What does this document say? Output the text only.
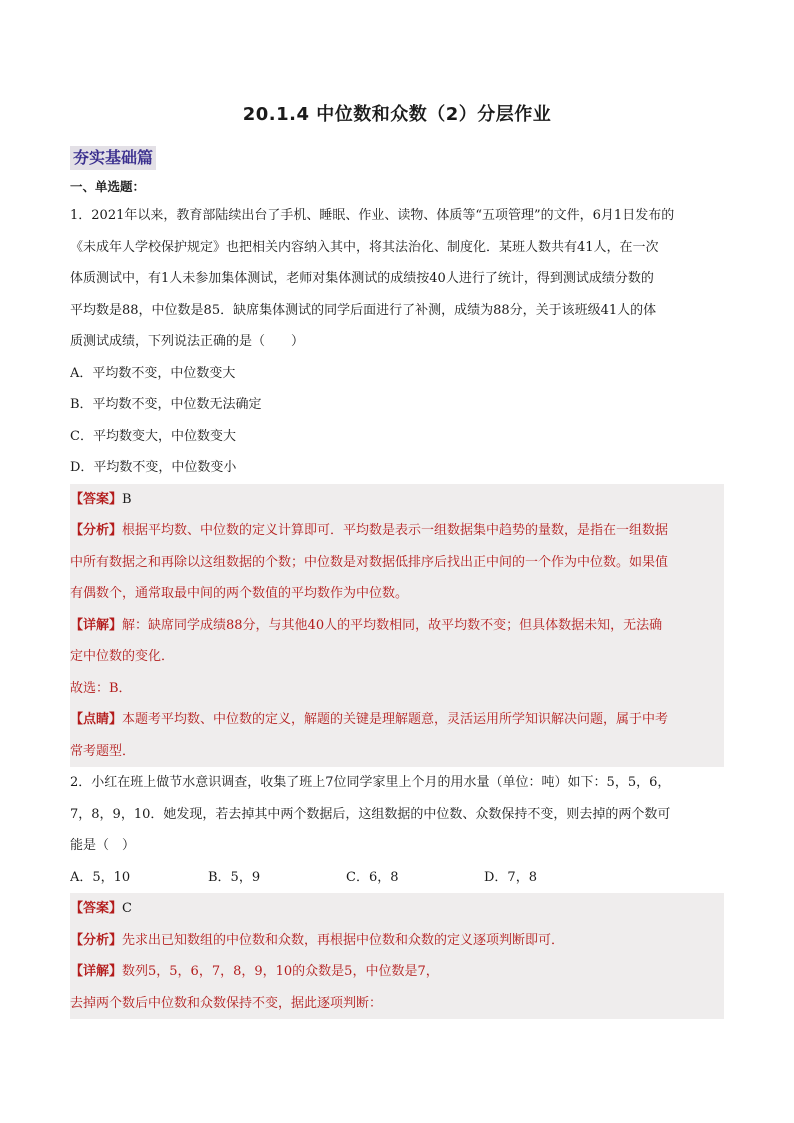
20.1.4 中位数和众数（2）分层作业
夯实基础篇
一、单选题：
1．2021年以来，教育部陆续出台了手机、睡眠、作业、读物、体质等“五项管理”的文件，6月1日发布的
《未成年人学校保护规定》也把相关内容纳入其中，将其法治化、制度化．某班人数共有41人，在一次
体质测试中，有1人未参加集体测试，老师对集体测试的成绩按40人进行了统计，得到测试成绩分数的
平均数是88，中位数是85．缺席集体测试的同学后面进行了补测，成绩为88分，关于该班级41人的体
质测试成绩，下列说法正确的是（　　）
A．平均数不变，中位数变大
B．平均数不变，中位数无法确定
C．平均数变大，中位数变大
D．平均数不变，中位数变小
【答案】B
【分析】根据平均数、中位数的定义计算即可．平均数是表示一组数据集中趋势的量数，是指在一组数据
中所有数据之和再除以这组数据的个数；中位数是对数据低排序后找出正中间的一个作为中位数。如果值
有偶数个，通常取最中间的两个数值的平均数作为中位数。
【详解】解：缺席同学成绩88分，与其他40人的平均数相同，故平均数不变；但具体数据未知，无法确
定中位数的变化．
故选：B．
【点睛】本题考平均数、中位数的定义，解题的关键是理解题意，灵活运用所学知识解决问题，属于中考
常考题型．
2．小红在班上做节水意识调查，收集了班上7位同学家里上个月的用水量（单位：吨）如下：5，5，6，
7，8，9，10．她发现，若去掉其中两个数据后，这组数据的中位数、众数保持不变，则去掉的两个数可
能是（　）
A．5，10	B．5，9	C．6，8	D．7，8
【答案】C
【分析】先求出已知数组的中位数和众数，再根据中位数和众数的定义逐项判断即可．
【详解】数列5，5，6，7，8，9，10的众数是5，中位数是7，
去掉两个数后中位数和众数保持不变，据此逐项判断：
